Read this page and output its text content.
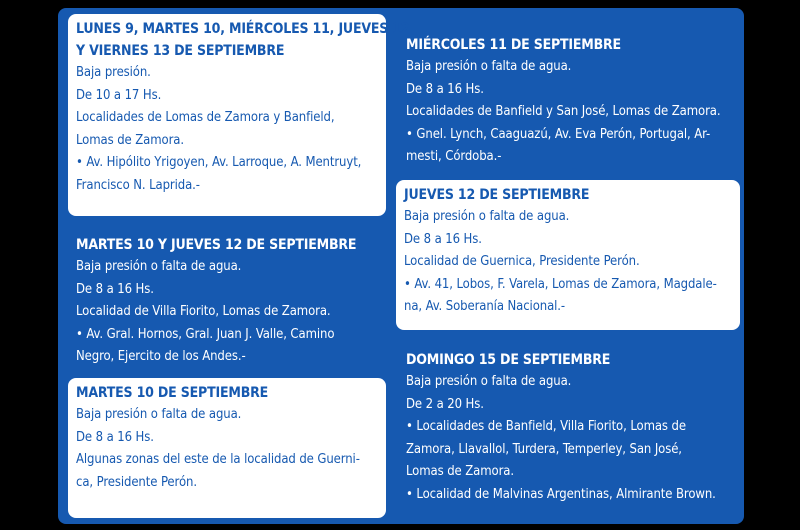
LUNES 9, MARTES 10, MIÉRCOLES 11, JUEVES 12
Y VIERNES 13 DE SEPTIEMBRE
Baja presión.
De 10 a 17 Hs.
Localidades de Lomas de Zamora y Banfield,
Lomas de Zamora.
• Av. Hipólito Yrigoyen, Av. Larroque, A. Mentruyt,
Francisco N. Laprida.-
MARTES 10 Y JUEVES 12 DE SEPTIEMBRE
Baja presión o falta de agua.
De 8 a 16 Hs.
Localidad de Villa Fiorito, Lomas de Zamora.
• Av. Gral. Hornos, Gral. Juan J. Valle, Camino
Negro, Ejercito de los Andes.-
MARTES 10 DE SEPTIEMBRE
Baja presión o falta de agua.
De 8 a 16 Hs.
Algunas zonas del este de la localidad de Guerni-
ca, Presidente Perón.
MIÉRCOLES 11 DE SEPTIEMBRE
Baja presión o falta de agua.
De 8 a 16 Hs.
Localidades de Banfield y San José, Lomas de Zamora.
• Gnel. Lynch, Caaguazú, Av. Eva Perón, Portugal, Ar-
mesti, Córdoba.-
JUEVES 12 DE SEPTIEMBRE
Baja presión o falta de agua.
De 8 a 16 Hs.
Localidad de Guernica, Presidente Perón.
• Av. 41, Lobos, F. Varela, Lomas de Zamora, Magdale-
na, Av. Soberanía Nacional.-
DOMINGO 15 DE SEPTIEMBRE
Baja presión o falta de agua.
De 2 a 20 Hs.
• Localidades de Banfield, Villa Fiorito, Lomas de
Zamora, Llavallol, Turdera, Temperley, San José,
Lomas de Zamora.
• Localidad de Malvinas Argentinas, Almirante Brown.
